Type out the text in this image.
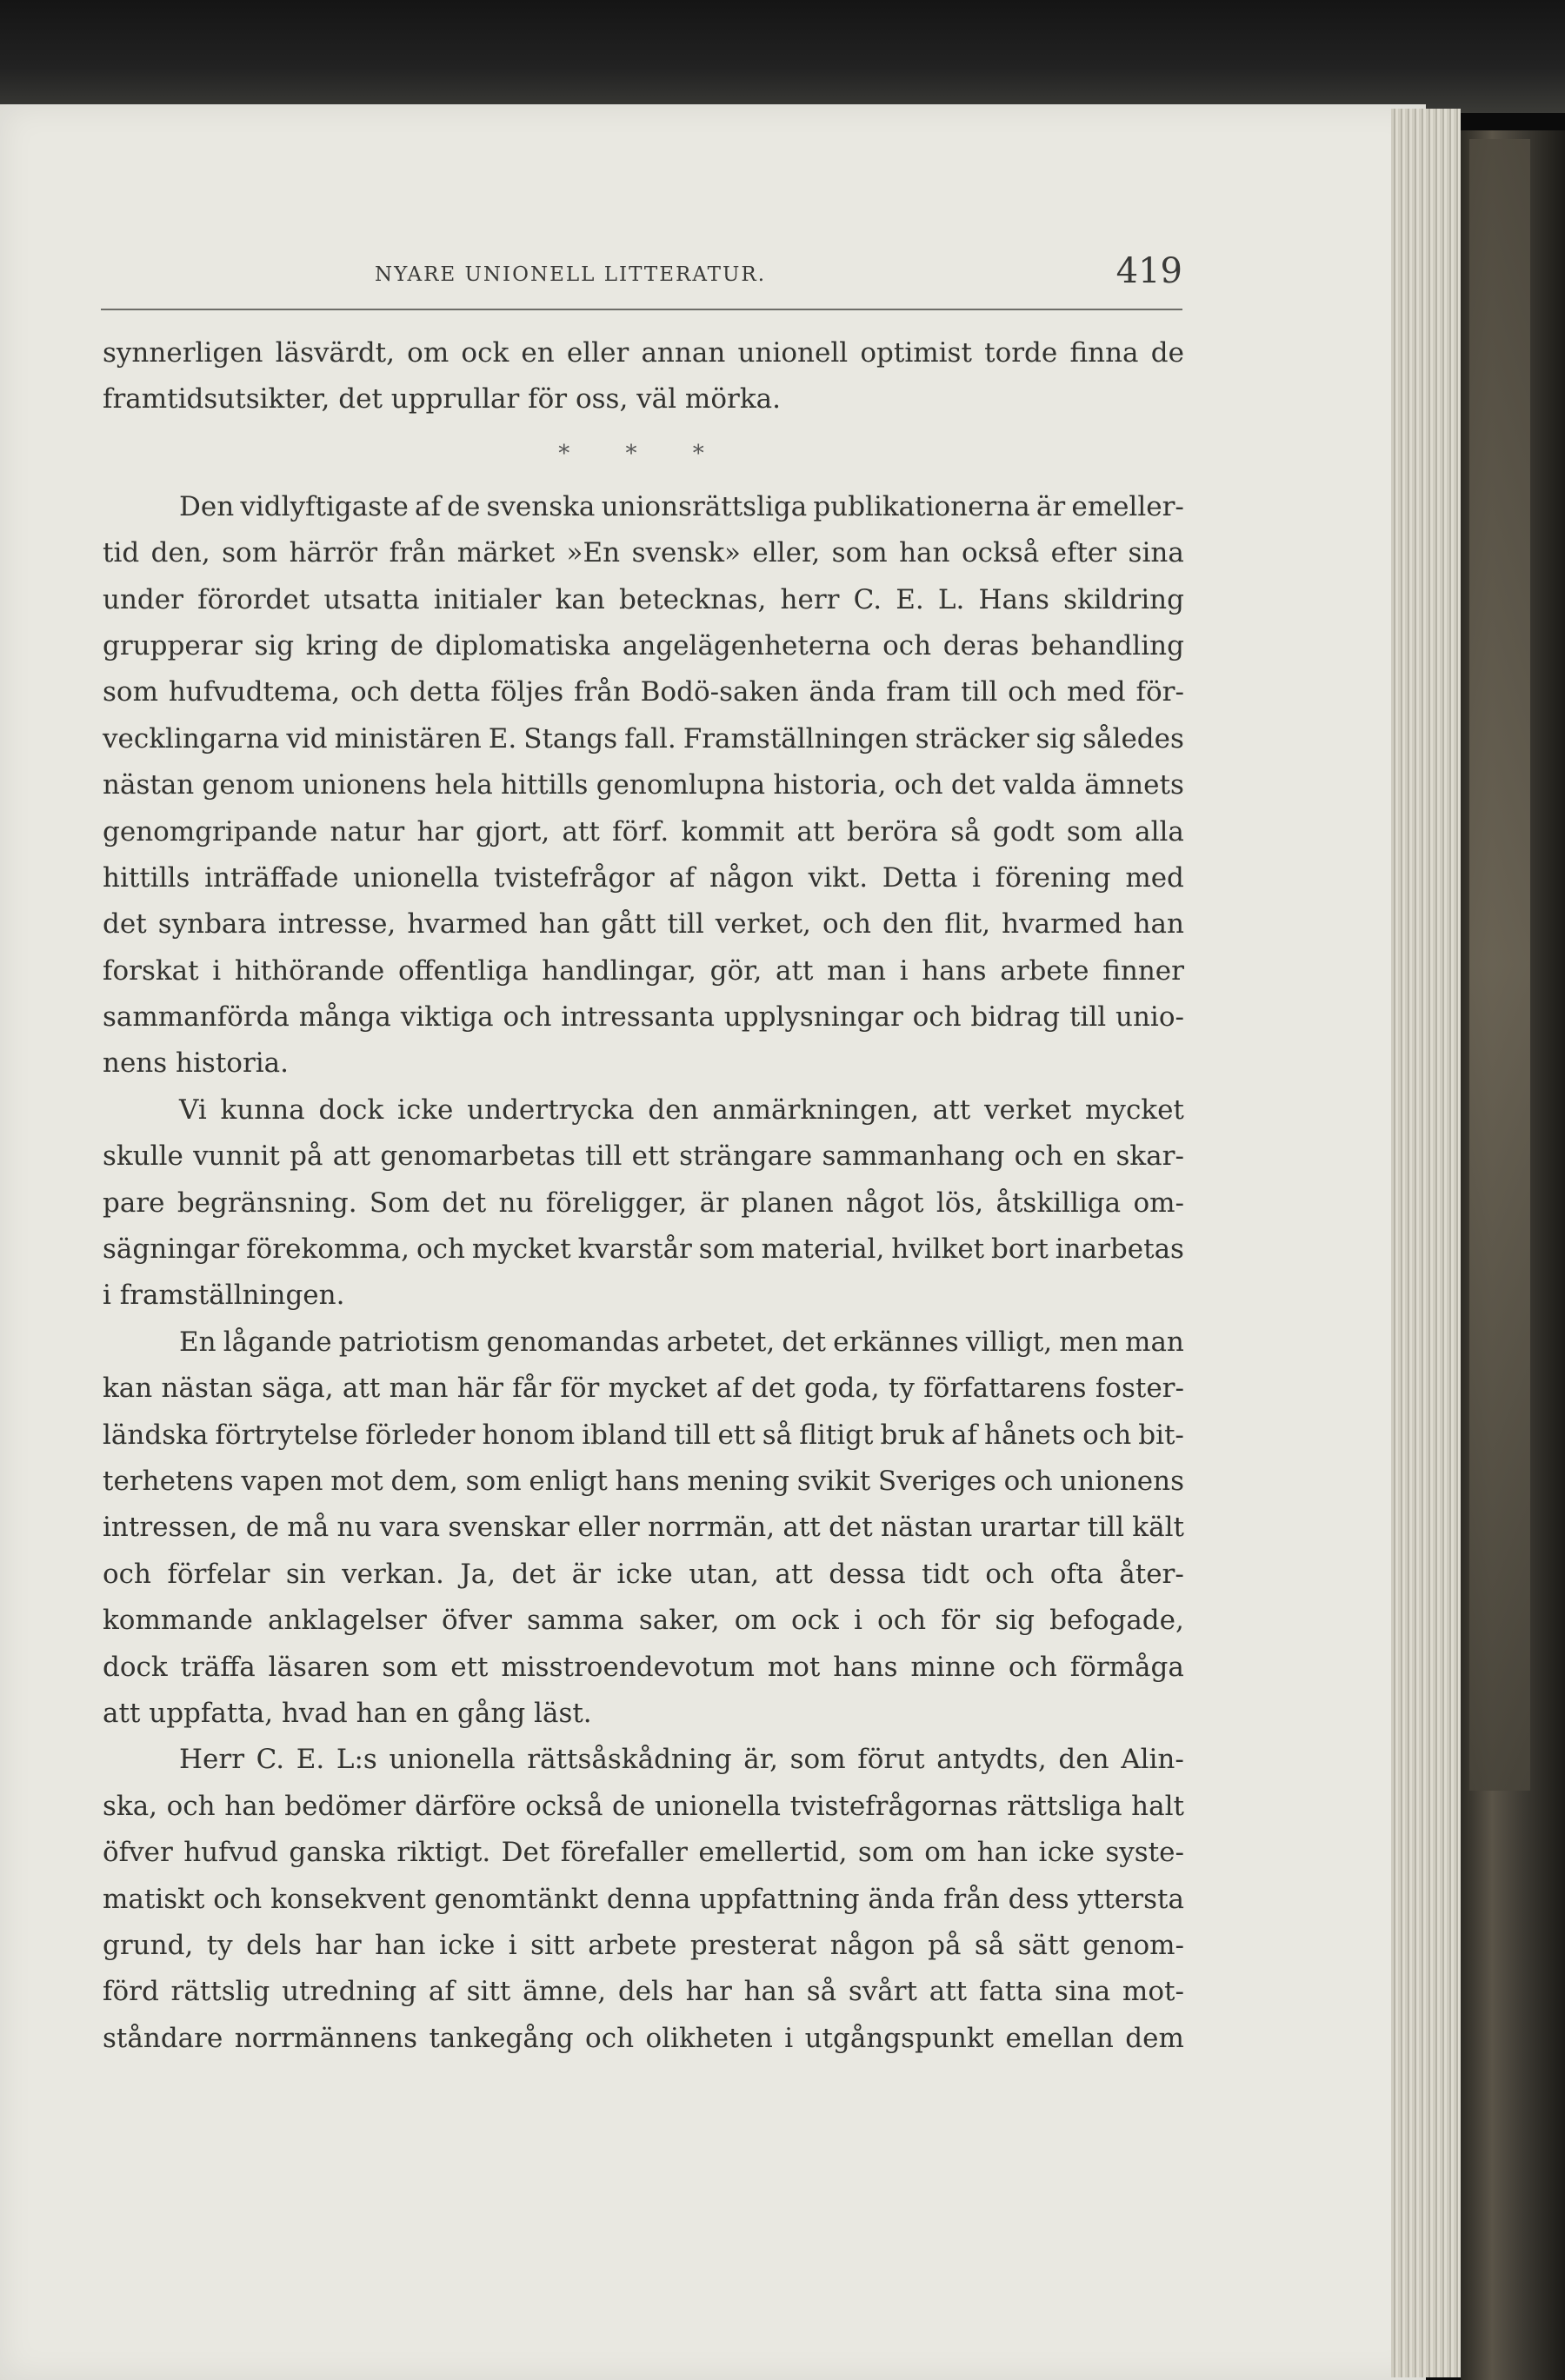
NYARE UNIONELL LITTERATUR.	419
synnerligen läsvärdt, om ock en eller annan unionell optimist torde finna de
framtidsutsikter, det upprullar för oss, väl mörka.
* * *
Den vidlyftigaste af de svenska unionsrättsliga publikationerna är emeller-
tid den, som härrör från märket »En svensk» eller, som han också efter sina
under förordet utsatta initialer kan betecknas, herr C. E. L. Hans skildring
grupperar sig kring de diplomatiska angelägenheterna och deras behandling
som hufvudtema, och detta följes från Bodö-saken ända fram till och med för-
vecklingarna vid ministären E. Stangs fall. Framställningen sträcker sig således
nästan genom unionens hela hittills genomlupna historia, och det valda ämnets
genomgripande natur har gjort, att förf. kommit att beröra så godt som alla
hittills inträffade unionella tvistefrågor af någon vikt. Detta i förening med
det synbara intresse, hvarmed han gått till verket, och den flit, hvarmed han
forskat i hithörande offentliga handlingar, gör, att man i hans arbete finner
sammanförda många viktiga och intressanta upplysningar och bidrag till unio-
nens historia.
Vi kunna dock icke undertrycka den anmärkningen, att verket mycket
skulle vunnit på att genomarbetas till ett strängare sammanhang och en skar-
pare begränsning. Som det nu föreligger, är planen något lös, åtskilliga om-
sägningar förekomma, och mycket kvarstår som material, hvilket bort inarbetas
i framställningen.
En lågande patriotism genomandas arbetet, det erkännes villigt, men man
kan nästan säga, att man här får för mycket af det goda, ty författarens foster-
ländska förtrytelse förleder honom ibland till ett så flitigt bruk af hånets och bit-
terhetens vapen mot dem, som enligt hans mening svikit Sveriges och unionens
intressen, de må nu vara svenskar eller norrmän, att det nästan urartar till kält
och förfelar sin verkan. Ja, det är icke utan, att dessa tidt och ofta åter-
kommande anklagelser öfver samma saker, om ock i och för sig befogade,
dock träffa läsaren som ett misstroendevotum mot hans minne och förmåga
att uppfatta, hvad han en gång läst.
Herr C. E. L:s unionella rättsåskådning är, som förut antydts, den Alin-
ska, och han bedömer därföre också de unionella tvistefrågornas rättsliga halt
öfver hufvud ganska riktigt. Det förefaller emellertid, som om han icke syste-
matiskt och konsekvent genomtänkt denna uppfattning ända från dess yttersta
grund, ty dels har han icke i sitt arbete presterat någon på så sätt genom-
förd rättslig utredning af sitt ämne, dels har han så svårt att fatta sina mot-
ståndare norrmännens tankegång och olikheten i utgångspunkt emellan dem
